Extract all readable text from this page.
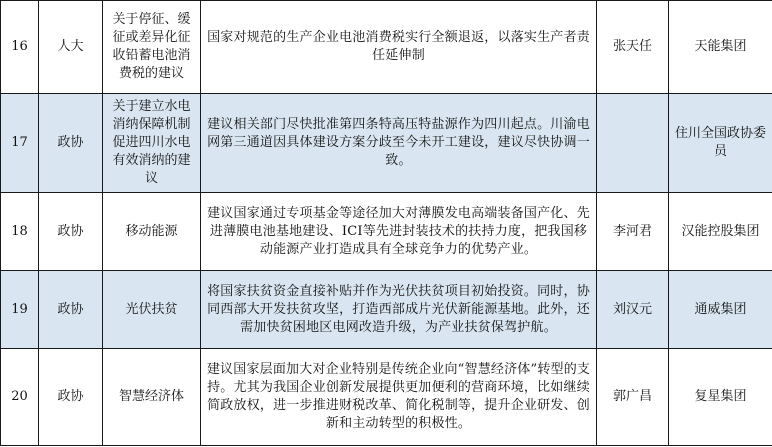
16	人大	关于停征、缓征或差异化征收铅蓄电池消费税的建议	国家对规范的生产企业电池消费税实行全额退返，以落实生产者责任延伸制	张天任	天能集团
17	政协	关于建立水电消纳保障机制促进四川水电有效消纳的建议	建议相关部门尽快批准第四条特高压特盐源作为四川起点。川渝电网第三通道因具体建设方案分歧至今未开工建设，建议尽快协调一致。		住川全国政协委员
18	政协	移动能源	建议国家通过专项基金等途径加大对薄膜发电高端装备国产化、先进薄膜电池基地建设、ICI等先进封装技术的扶持力度，把我国移动能源产业打造成具有全球竞争力的优势产业。	李河君	汉能控股集团
19	政协	光伏扶贫	将国家扶贫资金直接补贴并作为光伏扶贫项目初始投资。同时，协同西部大开发扶贫攻坚，打造西部成片光伏新能源基地。此外，还需加快贫困地区电网改造升级，为产业扶贫保驾护航。	刘汉元	通威集团
20	政协	智慧经济体	建议国家层面加大对企业特别是传统企业向“智慧经济体”转型的支持。尤其为我国企业创新发展提供更加便利的营商环境，比如继续简政放权，进一步推进财税改革、简化税制等，提升企业研发、创新和主动转型的积极性。	郭广昌	复星集团
